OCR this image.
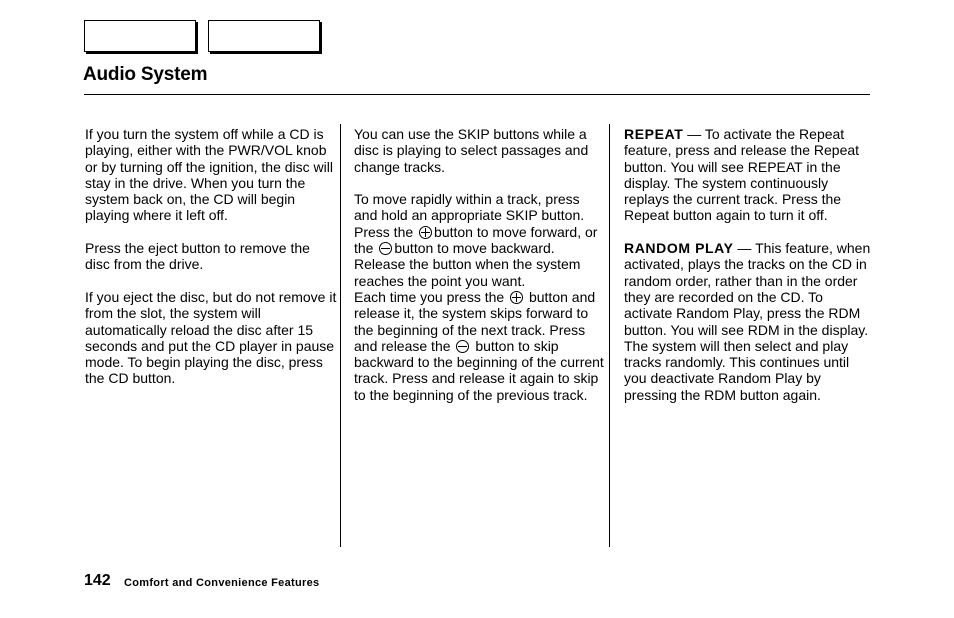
Audio System

If you turn the system off while a CD is playing, either with the PWR/VOL knob or by turning off the ignition, the disc will stay in the drive. When you turn the system back on, the CD will begin playing where it left off.

Press the eject button to remove the disc from the drive.

If you eject the disc, but do not remove it from the slot, the system will automatically reload the disc after 15 seconds and put the CD player in pause mode. To begin playing the disc, press the CD button.

You can use the SKIP buttons while a disc is playing to select passages and change tracks.

To move rapidly within a track, press and hold an appropriate SKIP button. Press the button to move forward, or the button to move backward. Release the button when the system reaches the point you want.

Each time you press the button and release it, the system skips forward to the beginning of the next track. Press and release the button to skip backward to the beginning of the current track. Press and release it again to skip to the beginning of the previous track.

REPEAT — To activate the Repeat feature, press and release the Repeat button. You will see REPEAT in the display. The system continuously replays the current track. Press the Repeat button again to turn it off.

RANDOM PLAY — This feature, when activated, plays the tracks on the CD in random order, rather than in the order they are recorded on the CD. To activate Random Play, press the RDM button. You will see RDM in the display. The system will then select and play tracks randomly. This continues until you deactivate Random Play by pressing the RDM button again.

142 Comfort and Convenience Features
